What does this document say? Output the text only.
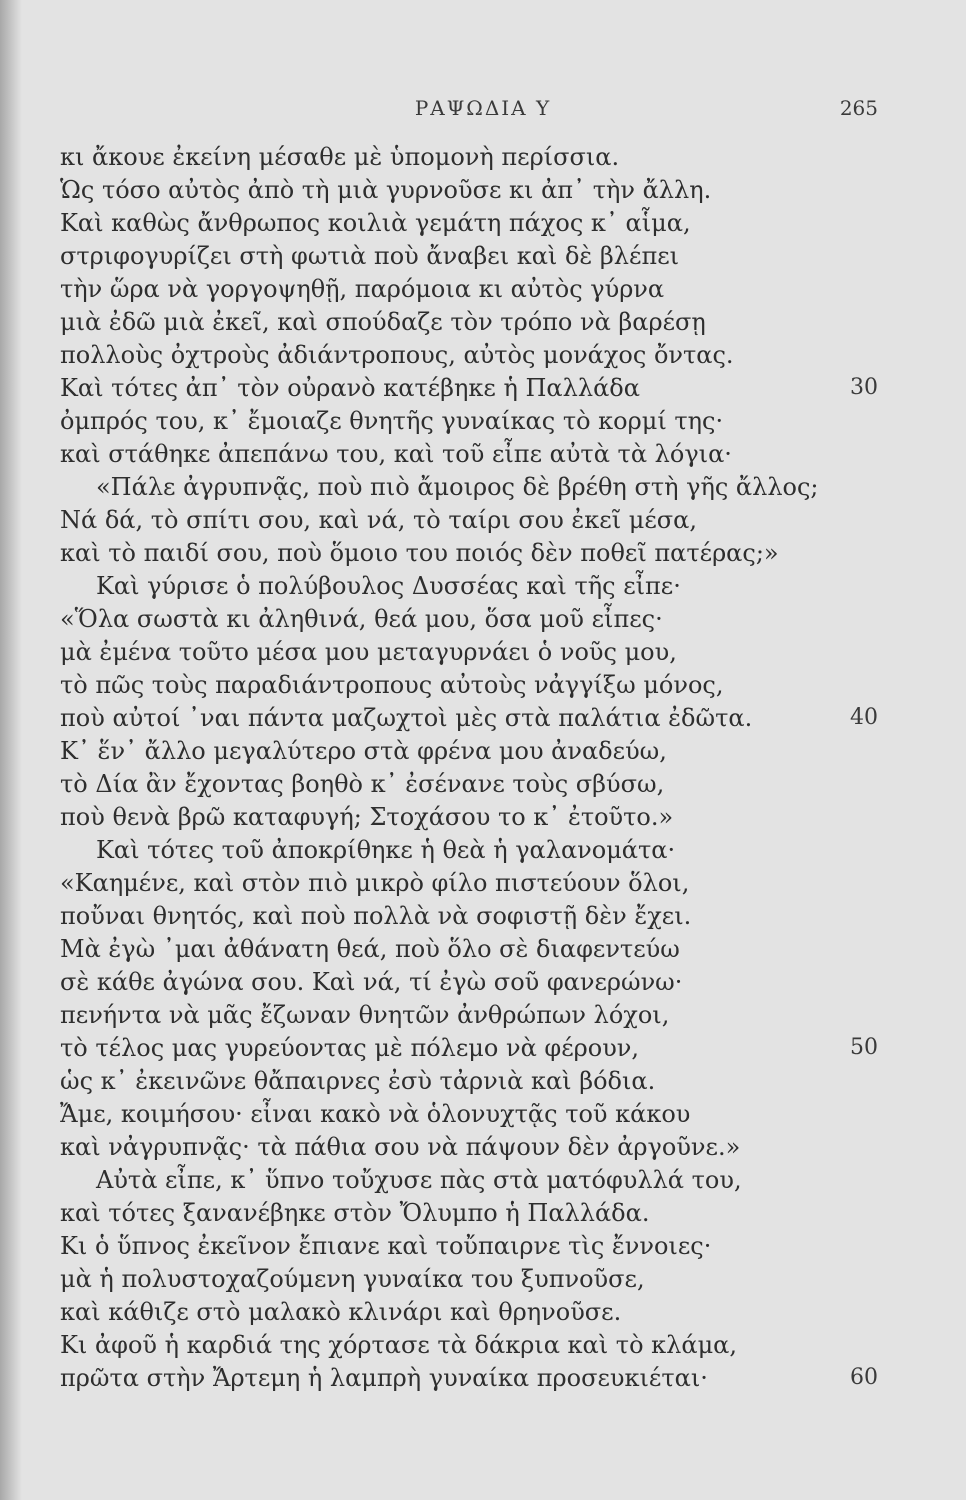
ΡΑΨΩΔΙΑ Υ	265
κι ἄκουε ἐκείνη μέσαθε μὲ ὑπομονὴ περίσσια.
Ὡς τόσο αὐτὸς ἀπὸ τὴ μιὰ γυρνοῦσε κι ἀπ᾽ τὴν ἄλλη.
Καὶ καθὼς ἄνθρωπος κοιλιὰ γεμάτη πάχος κ᾽ αἷμα,
στριφογυρίζει στὴ φωτιὰ ποὺ ἄναβει καὶ δὲ βλέπει
τὴν ὥρα νὰ γοργοψηθῇ, παρόμοια κι αὐτὸς γύρνα
μιὰ ἐδῶ μιὰ ἐκεῖ, καὶ σπούδαζε τὸν τρόπο νὰ βαρέσῃ
πολλοὺς ὀχτροὺς ἀδιάντροπους, αὐτὸς μονάχος ὄντας.
Καὶ τότες ἀπ᾽ τὸν οὐρανὸ κατέβηκε ἡ Παλλάδα
ὀμπρός του, κ᾽ ἔμοιαζε θνητῆς γυναίκας τὸ κορμί της·
καὶ στάθηκε ἀπεπάνω του, καὶ τοῦ εἶπε αὐτὰ τὰ λόγια·
«Πάλε ἀγρυπνᾷς, ποὺ πιὸ ἄμοιρος δὲ βρέθη στὴ γῆς ἄλλος;
Νά δά, τὸ σπίτι σου, καὶ νά, τὸ ταίρι σου ἐκεῖ μέσα,
καὶ τὸ παιδί σου, ποὺ ὅμοιο του ποιός δὲν ποθεῖ πατέρας;»
Καὶ γύρισε ὁ πολύβουλος Δυσσέας καὶ τῆς εἶπε·
«Ὅλα σωστὰ κι ἀληθινά, θεά μου, ὅσα μοῦ εἶπες·
μὰ ἐμένα τοῦτο μέσα μου μεταγυρνάει ὁ νοῦς μου,
τὸ πῶς τοὺς παραδιάντροπους αὐτοὺς νἀγγίξω μόνος,
ποὺ αὐτοί ᾽ναι πάντα μαζωχτοὶ μὲς στὰ παλάτια ἐδῶτα.
Κ᾽ ἕν᾽ ἄλλο μεγαλύτερο στὰ φρένα μου ἀναδεύω,
τὸ Δία ἂν ἔχοντας βοηθὸ κ᾽ ἐσένανε τοὺς σβύσω,
ποὺ θενὰ βρῶ καταφυγή; Στοχάσου το κ᾽ ἐτοῦτο.»
Καὶ τότες τοῦ ἀποκρίθηκε ἡ θεὰ ἡ γαλανομάτα·
«Καημένε, καὶ στὸν πιὸ μικρὸ φίλο πιστεύουν ὅλοι,
ποὔναι θνητός, καὶ ποὺ πολλὰ νὰ σοφιστῇ δὲν ἔχει.
Μὰ ἐγὼ ᾽μαι ἀθάνατη θεά, ποὺ ὅλο σὲ διαφεντεύω
σὲ κάθε ἀγώνα σου. Καὶ νά, τί ἐγὼ σοῦ φανερώνω·
πενήντα νὰ μᾶς ἔζωναν θνητῶν ἀνθρώπων λόχοι,
τὸ τέλος μας γυρεύοντας μὲ πόλεμο νὰ φέρουν,
ὡς κ᾽ ἐκεινῶνε θἄπαιρνες ἐσὺ τἀρνιὰ καὶ βόδια.
Ἄμε, κοιμήσου· εἶναι κακὸ νὰ ὁλονυχτᾷς τοῦ κάκου
καὶ νἀγρυπνᾷς· τὰ πάθια σου νὰ πάψουν δὲν ἀργοῦνε.»
Αὐτὰ εἶπε, κ᾽ ὕπνο τοὔχυσε πὰς στὰ ματόφυλλά του,
καὶ τότες ξανανέβηκε στὸν Ὄλυμπο ἡ Παλλάδα.
Κι ὁ ὕπνος ἐκεῖνον ἔπιανε καὶ τοὔπαιρνε τὶς ἔννοιες·
μὰ ἡ πολυστοχαζούμενη γυναίκα του ξυπνοῦσε,
καὶ κάθιζε στὸ μαλακὸ κλινάρι καὶ θρηνοῦσε.
Κι ἀφοῦ ἡ καρδιά της χόρτασε τὰ δάκρια καὶ τὸ κλάμα,
πρῶτα στὴν Ἄρτεμη ἡ λαμπρὴ γυναίκα προσευκιέται·
30
40
50
60
